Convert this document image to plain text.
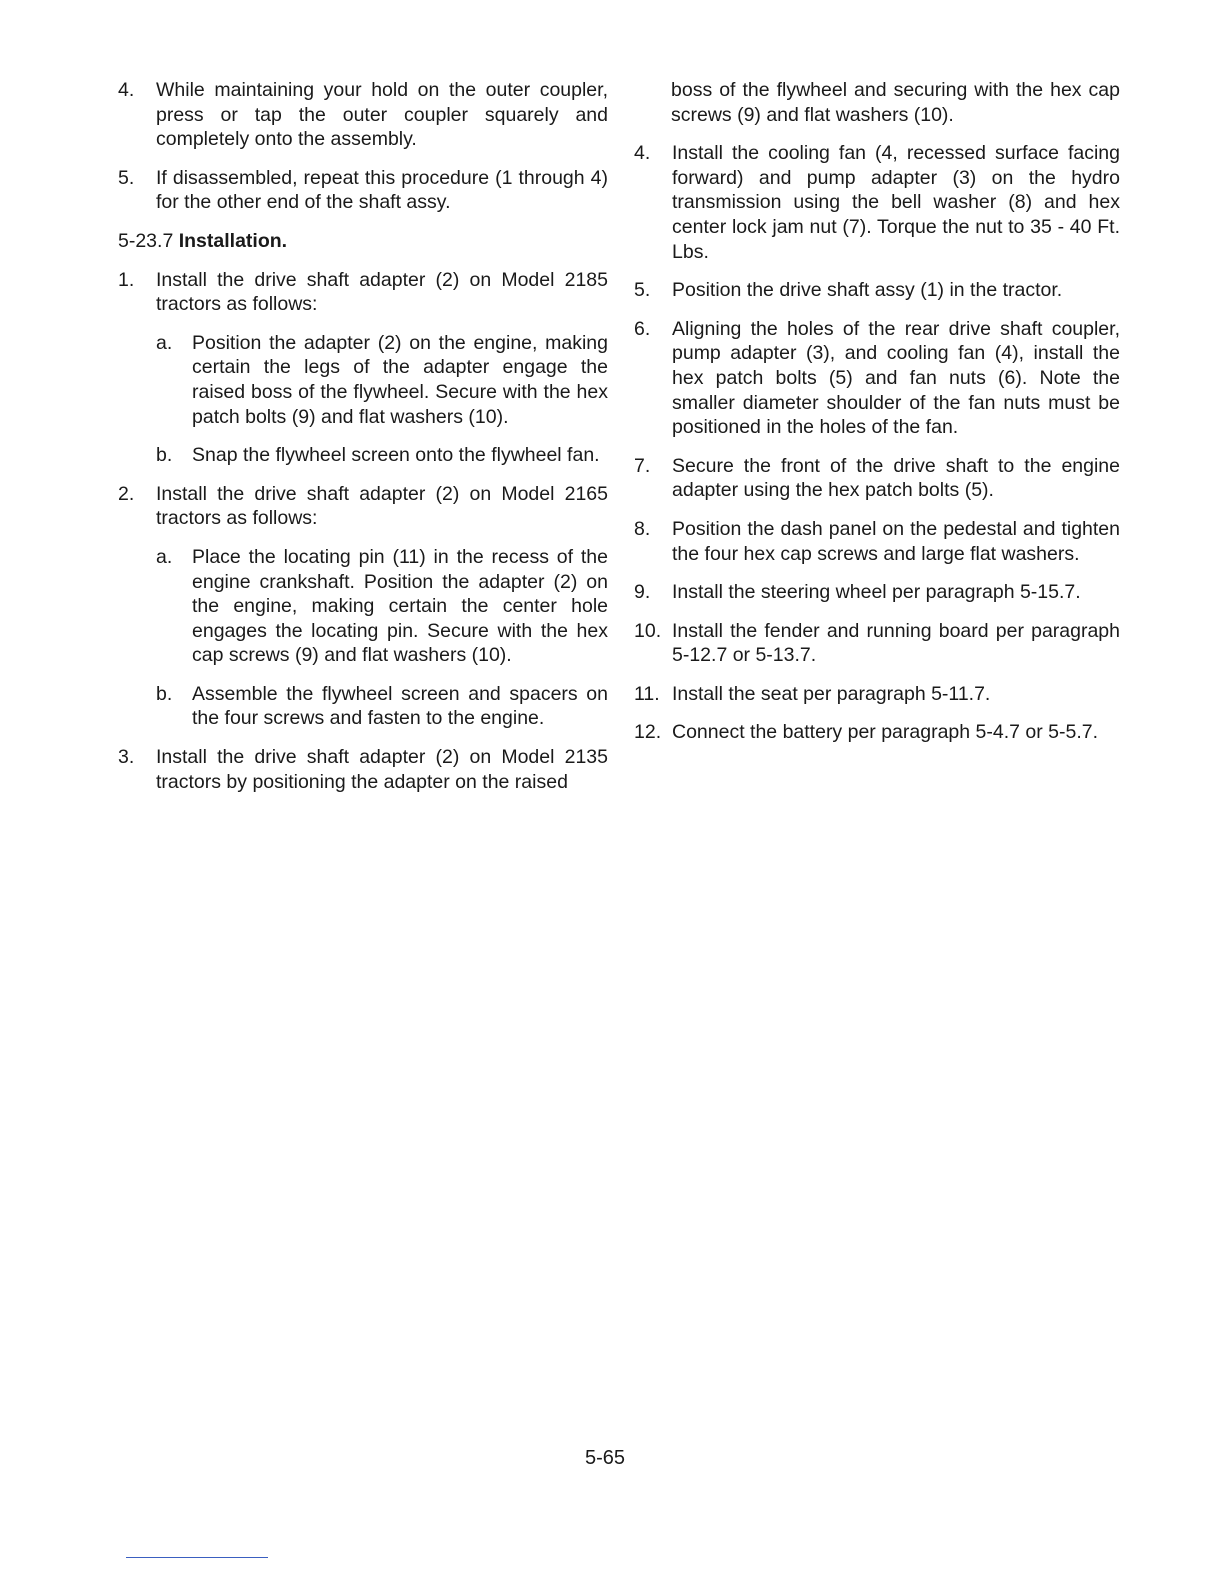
4.	While maintaining your hold on the outer coupler, press or tap the outer coupler squarely and completely onto the assembly.
5.	If disassembled, repeat this procedure (1 through 4) for the other end of the shaft assy.
5-23.7 Installation.
1.	Install the drive shaft adapter (2) on Model 2185 tractors as follows:
a.	Position the adapter (2) on the engine, making certain the legs of the adapter engage the raised boss of the flywheel. Secure with the hex patch bolts (9) and flat washers (10).
b.	Snap the flywheel screen onto the flywheel fan.
2.	Install the drive shaft adapter (2) on Model 2165 tractors as follows:
a.	Place the locating pin (11) in the recess of the engine crankshaft. Position the adapter (2) on the engine, making certain the center hole engages the locating pin. Secure with the hex cap screws (9) and flat washers (10).
b.	Assemble the flywheel screen and spacers on the four screws and fasten to the engine.
3.	Install the drive shaft adapter (2) on Model 2135 tractors by positioning the adapter on the raised
boss of the flywheel and securing with the hex cap screws (9) and flat washers (10).
4.	Install the cooling fan (4, recessed surface facing forward) and pump adapter (3) on the hydro transmission using the bell washer (8) and hex center lock jam nut (7). Torque the nut to 35 - 40 Ft. Lbs.
5.	Position the drive shaft assy (1) in the tractor.
6.	Aligning the holes of the rear drive shaft coupler, pump adapter (3), and cooling fan (4), install the hex patch bolts (5) and fan nuts (6). Note the smaller diameter shoulder of the fan nuts must be positioned in the holes of the fan.
7.	Secure the front of the drive shaft to the engine adapter using the hex patch bolts (5).
8.	Position the dash panel on the pedestal and tighten the four hex cap screws and large flat washers.
9.	Install the steering wheel per paragraph 5-15.7.
10. Install the fender and running board per paragraph 5-12.7 or 5-13.7.
11. Install the seat per paragraph 5-11.7.
12. Connect the battery per paragraph 5-4.7 or 5-5.7.
5-65
